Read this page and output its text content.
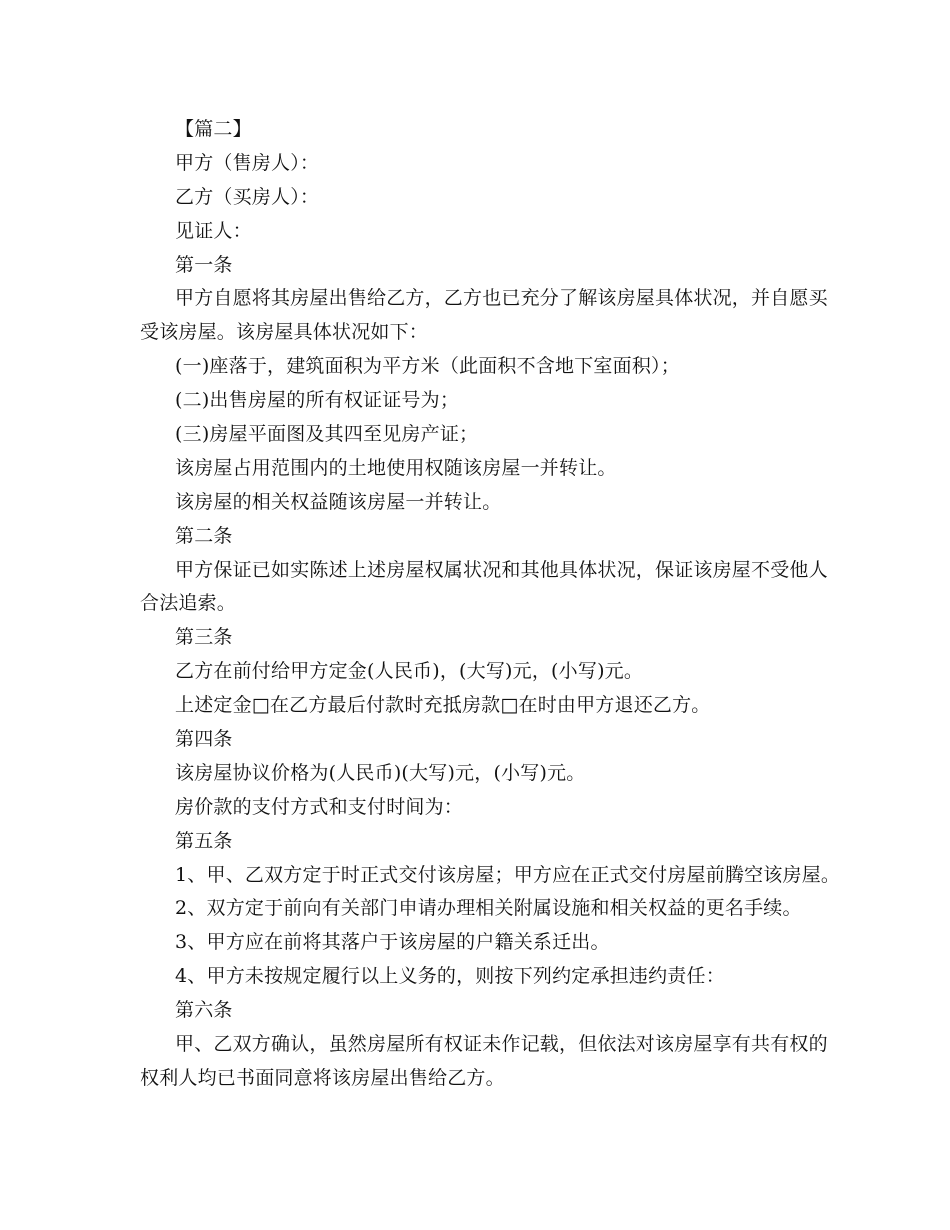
【篇二】
甲方（售房人）：
乙方（买房人）：
见证人：
第一条
甲方自愿将其房屋出售给乙方，乙方也已充分了解该房屋具体状况，并自愿买
受该房屋。该房屋具体状况如下：
(一)座落于，建筑面积为平方米（此面积不含地下室面积）；
(二)出售房屋的所有权证证号为；
(三)房屋平面图及其四至见房产证；
该房屋占用范围内的土地使用权随该房屋一并转让。
该房屋的相关权益随该房屋一并转让。
第二条
甲方保证已如实陈述上述房屋权属状况和其他具体状况，保证该房屋不受他人
合法追索。
第三条
乙方在前付给甲方定金(人民币)，(大写)元，(小写)元。
上述定金□在乙方最后付款时充抵房款□在时由甲方退还乙方。
第四条
该房屋协议价格为(人民币)(大写)元，(小写)元。
房价款的支付方式和支付时间为：
第五条
1、甲、乙双方定于时正式交付该房屋；甲方应在正式交付房屋前腾空该房屋。
2、双方定于前向有关部门申请办理相关附属设施和相关权益的更名手续。
3、甲方应在前将其落户于该房屋的户籍关系迁出。
4、甲方未按规定履行以上义务的，则按下列约定承担违约责任：
第六条
甲、乙双方确认，虽然房屋所有权证未作记载，但依法对该房屋享有共有权的
权利人均已书面同意将该房屋出售给乙方。
